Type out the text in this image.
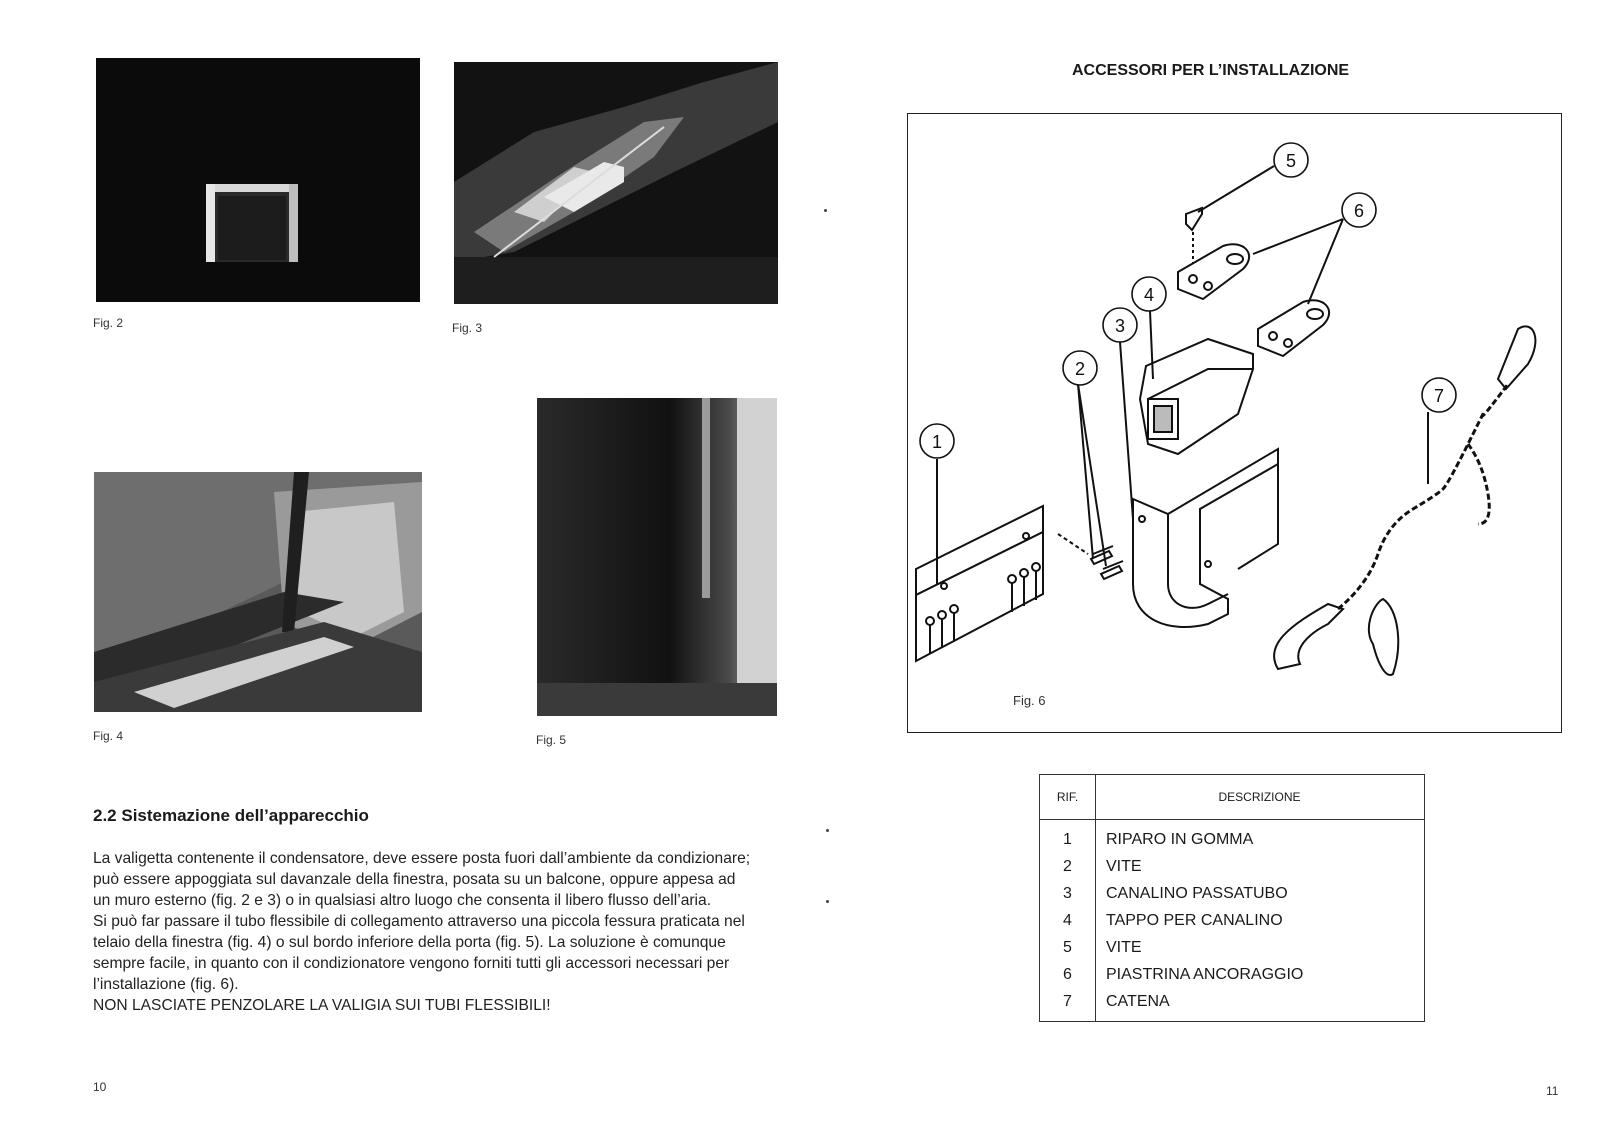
Fig. 2	Fig. 3
Fig. 4	Fig. 5
2.2 Sistemazione dell’apparecchio

La valigetta contenente il condensatore, deve essere posta fuori dall’ambiente da condizionare; può essere appoggiata sul davanzale della finestra, posata su un balcone, oppure appesa ad un muro esterno (fig. 2 e 3) o in qualsiasi altro luogo che consenta il libero flusso dell’aria.

Si può far passare il tubo flessibile di collegamento attraverso una piccola fessura praticata nel telaio della finestra (fig. 4) o sul bordo inferiore della porta (fig. 5). La soluzione è comunque sempre facile, in quanto con il condizionatore vengono forniti tutti gli accessori necessari per l’installazione (fig. 6).

NON LASCIATE PENZOLARE LA VALIGIA SUI TUBI FLESSIBILI!

10
ACCESSORI PER L’INSTALLAZIONE
1
2
3
4
5
6
7
Fig. 6
RIF.	DESCRIZIONE
1	RIPARO IN GOMMA
2	VITE
3	CANALINO PASSATUBO
4	TAPPO PER CANALINO
5	VITE
6	PIASTRINA ANCORAGGIO
7	CATENA
11
